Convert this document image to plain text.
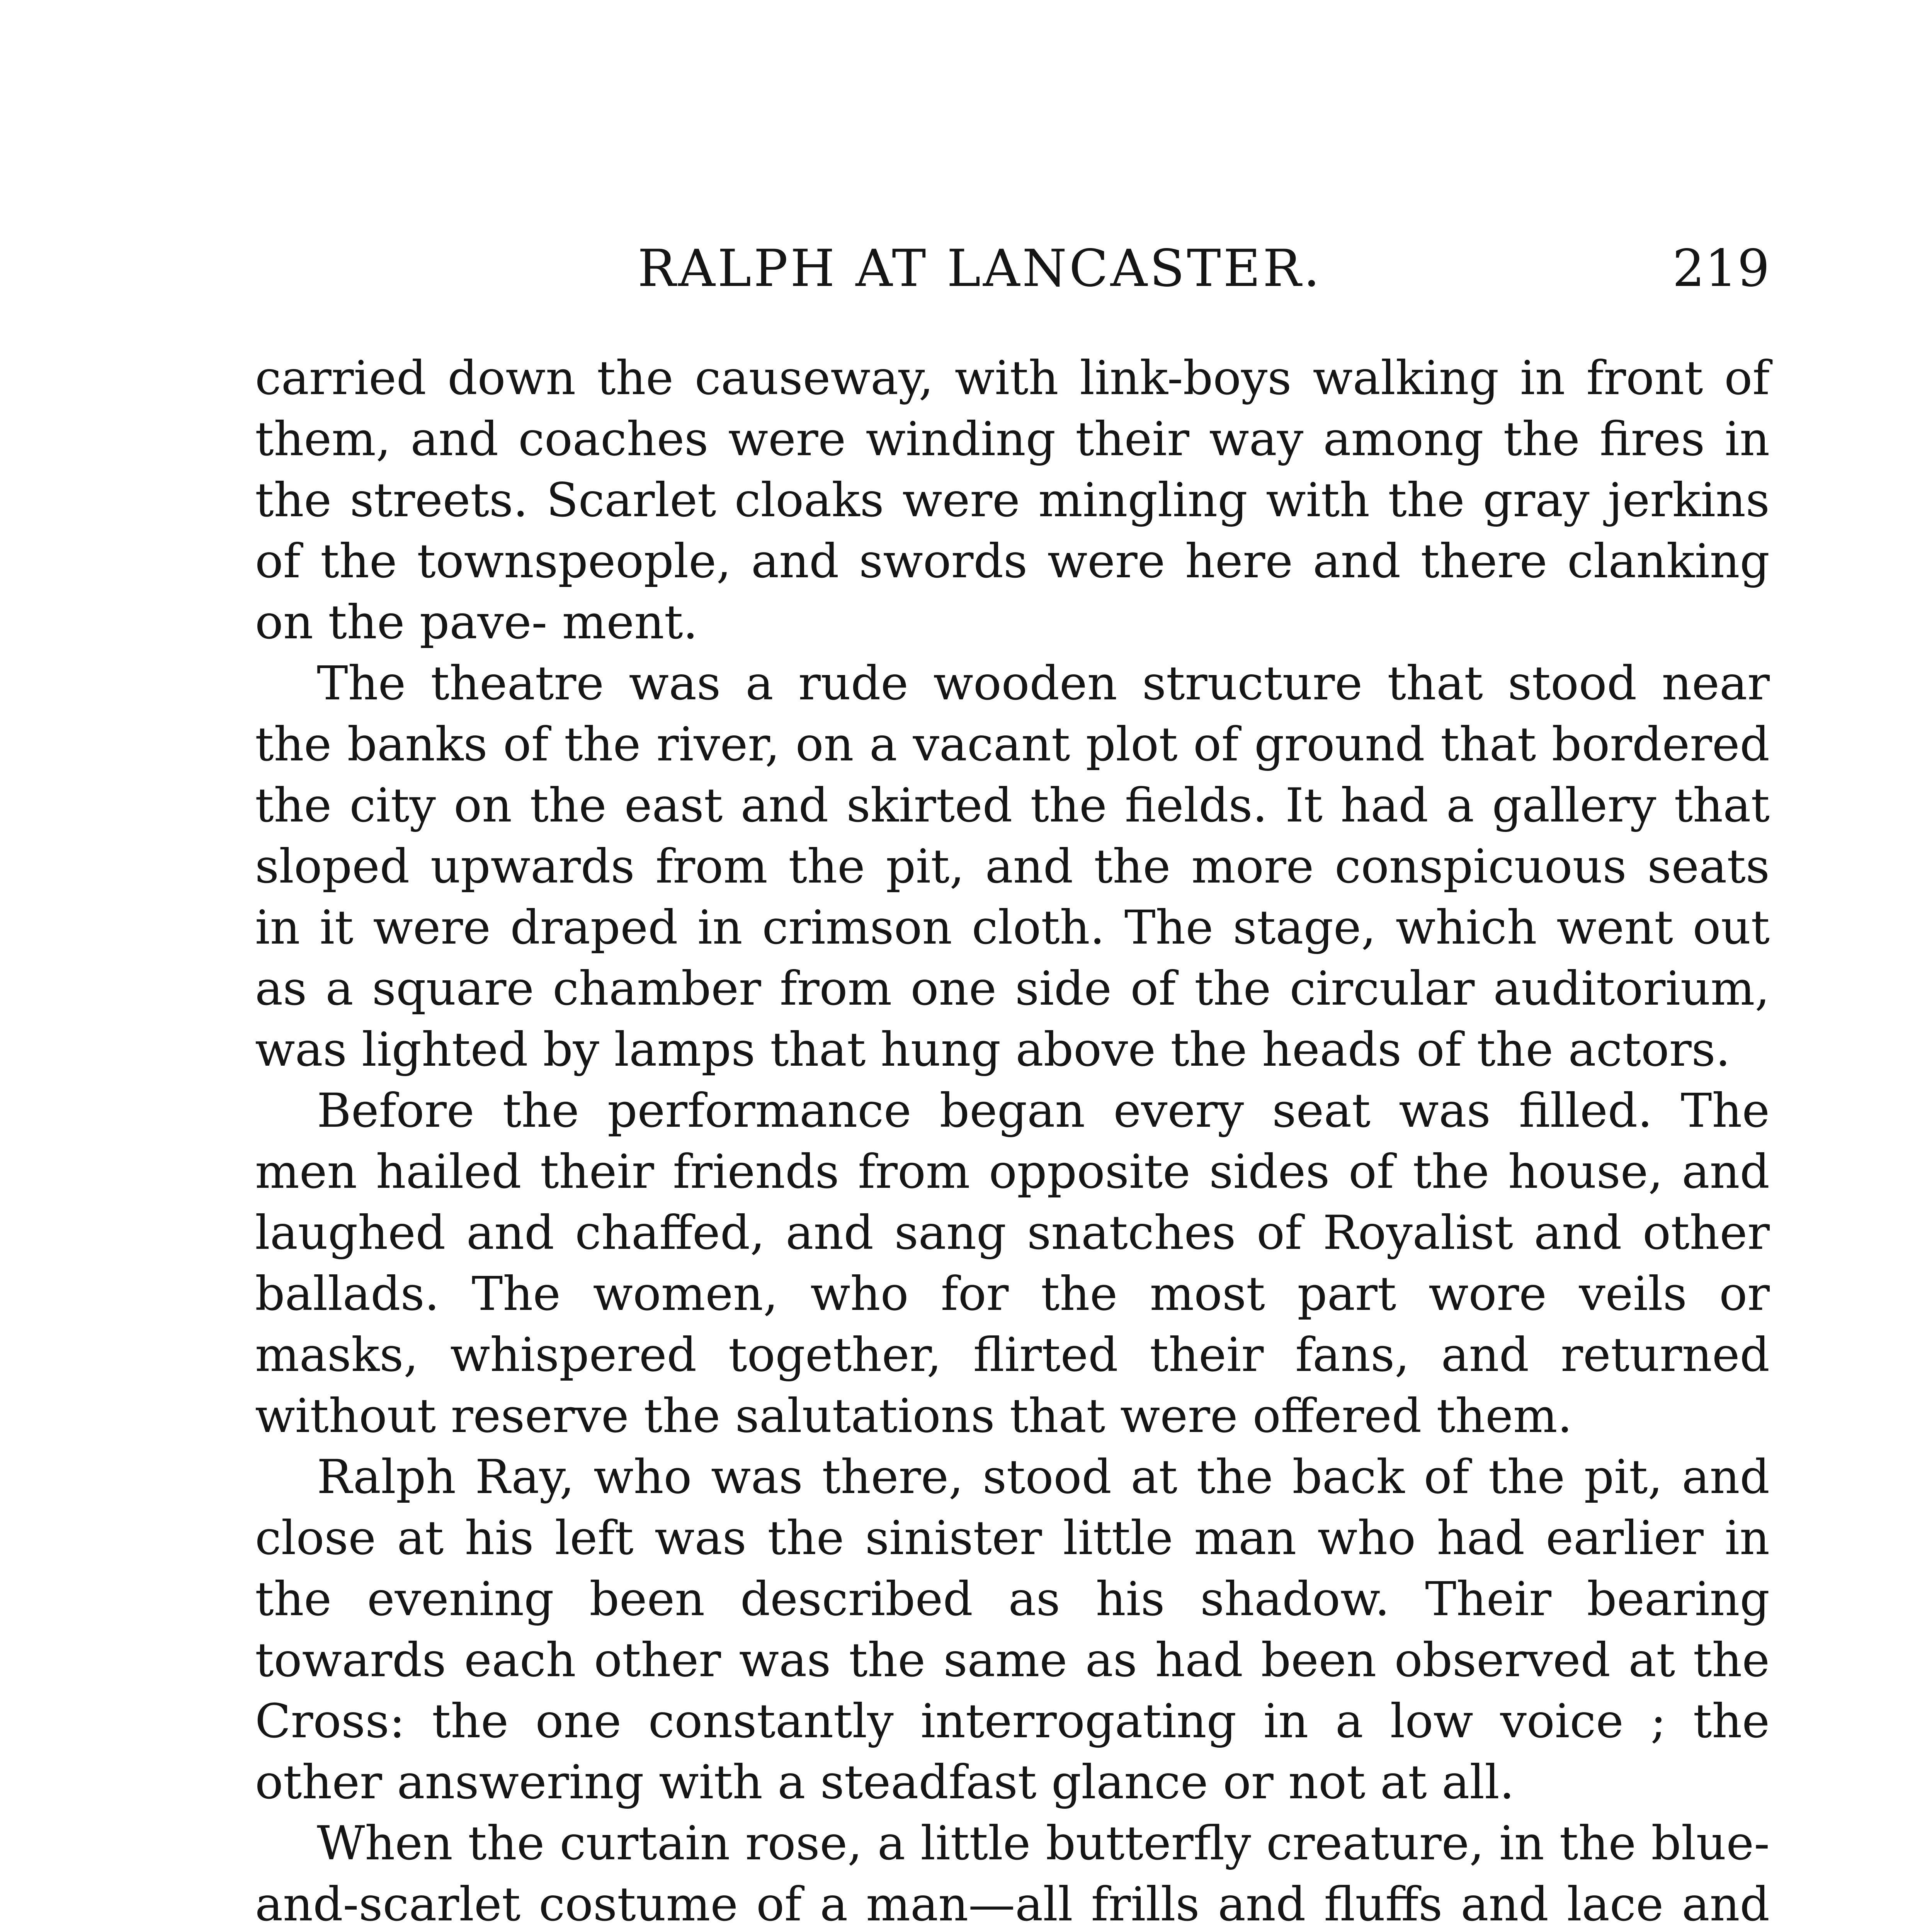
RALPH AT LANCASTER.	219

carried down the causeway, with link-boys walking in front of them, and coaches were winding their way among the fires in the streets. Scarlet cloaks were mingling with the gray jerkins of the townspeople, and swords were here and there clanking on the pave- ment.

The theatre was a rude wooden structure that stood near the banks of the river, on a vacant plot of ground that bordered the city on the east and skirted the fields. It had a gallery that sloped upwards from the pit, and the more conspicuous seats in it were draped in crimson cloth. The stage, which went out as a square chamber from one side of the circular auditorium, was lighted by lamps that hung above the heads of the actors.

Before the performance began every seat was filled. The men hailed their friends from opposite sides of the house, and laughed and chaffed, and sang snatches of Royalist and other ballads. The women, who for the most part wore veils or masks, whispered together, flirted their fans, and returned without reserve the salutations that were offered them.

Ralph Ray, who was there, stood at the back of the pit, and close at his left was the sinister little man who had earlier in the evening been described as his shadow. Their bearing towards each other was the same as had been observed at the Cross: the one constantly interrogating in a low voice ; the other answering with a steadfast glance or not at all.

When the curtain rose, a little butterfly creature, in the blue-and-scarlet costume of a man—all frills and fluffs and lace and
